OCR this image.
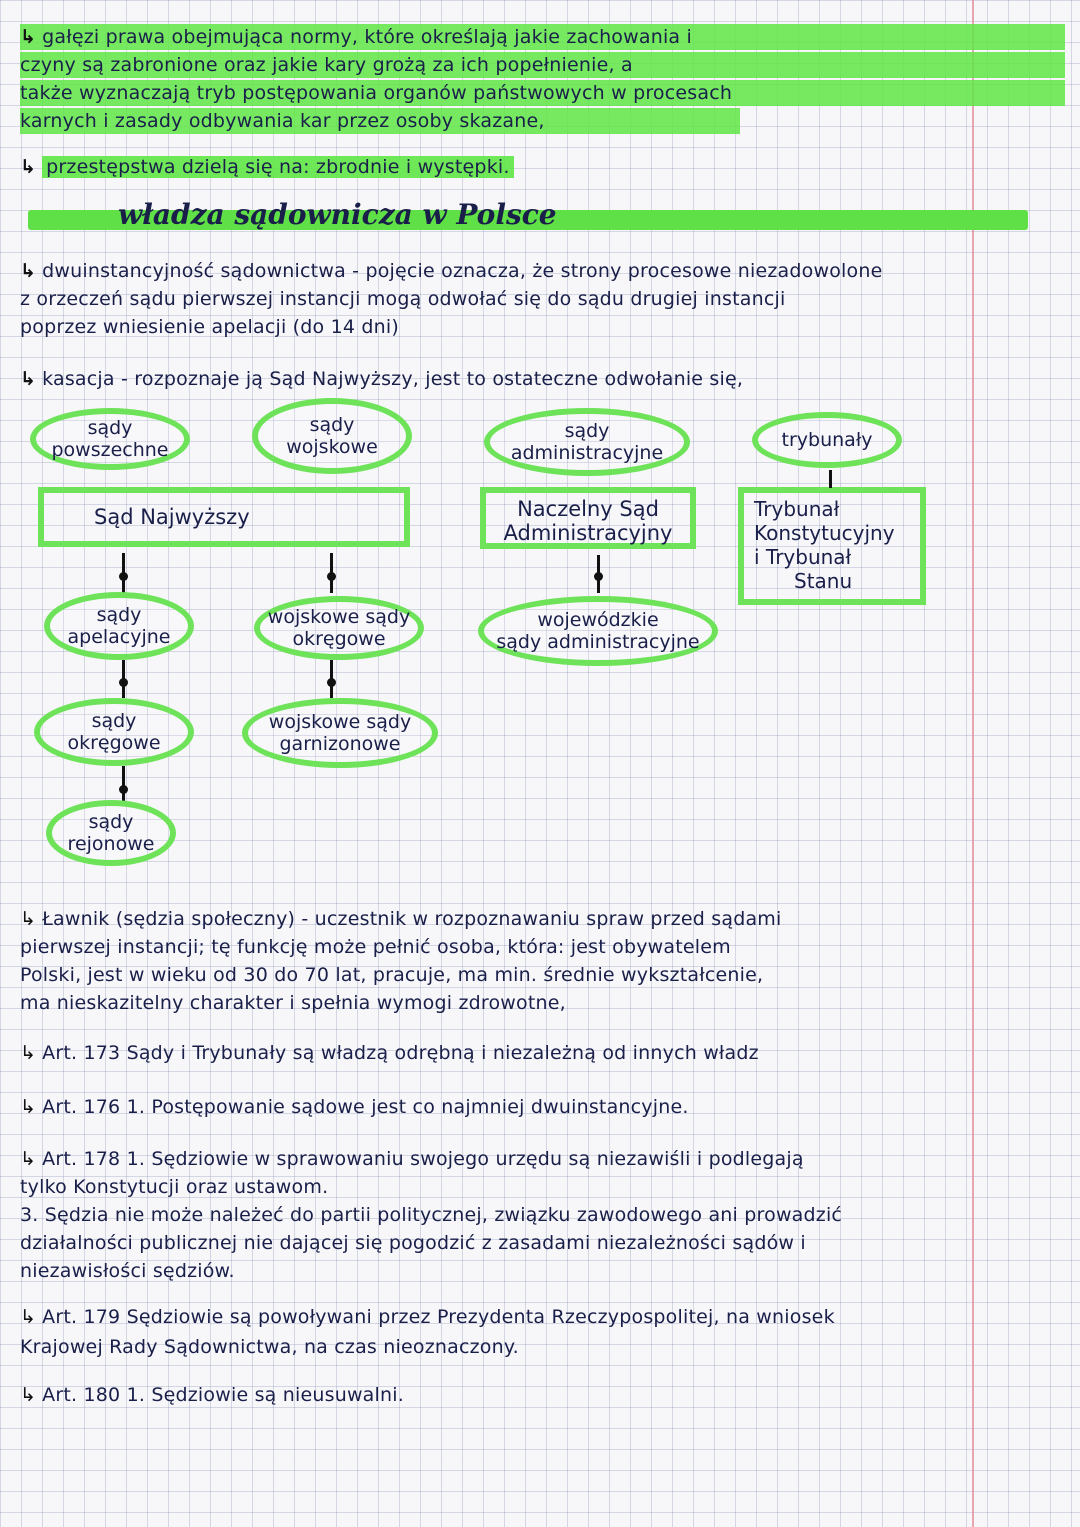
↳ gałęzi prawa obejmująca normy, które określają jakie zachowania i
czyny są zabronione oraz jakie kary grożą za ich popełnienie, a
także wyznaczają tryb postępowania organów państwowych w procesach
karnych i zasady odbywania kar przez osoby skazane,
↳ przestępstwa dzielą się na: zbrodnie i występki.
władza sądownicza w Polsce
↳ dwuinstancyjność sądownictwa - pojęcie oznacza, że strony procesowe niezadowolone
z orzeczeń sądu pierwszej instancji mogą odwołać się do sądu drugiej instancji
poprzez wniesienie apelacji (do 14 dni)
↳ kasacja - rozpoznaje ją Sąd Najwyższy, jest to ostateczne odwołanie się,
sądy
powszechne
sądy
wojskowe
sądy
administracyjne
trybunały
Sąd Najwyższy	Naczelny Sąd
Administracyjny
Trybunał
Konstytucyjny
i Trybunał
Stanu
sądy
apelacyjne
wojskowe sądy
okręgowe
wojewódzkie
sądy administracyjne
sądy
okręgowe
wojskowe sądy
garnizonowe
sądy
rejonowe
↳ Ławnik (sędzia społeczny) - uczestnik w rozpoznawaniu spraw przed sądami
pierwszej instancji; tę funkcję może pełnić osoba, która: jest obywatelem
Polski, jest w wieku od 30 do 70 lat, pracuje, ma min. średnie wykształcenie,
ma nieskazitelny charakter i spełnia wymogi zdrowotne,
↳ Art. 173 Sądy i Trybunały są władzą odrębną i niezależną od innych władz
↳ Art. 176 1. Postępowanie sądowe jest co najmniej dwuinstancyjne.
↳ Art. 178 1. Sędziowie w sprawowaniu swojego urzędu są niezawiśli i podlegają
tylko Konstytucji oraz ustawom.
3. Sędzia nie może należeć do partii politycznej, związku zawodowego ani prowadzić
działalności publicznej nie dającej się pogodzić z zasadami niezależności sądów i
niezawisłości sędziów.
↳ Art. 179 Sędziowie są powoływani przez Prezydenta Rzeczypospolitej, na wniosek
Krajowej Rady Sądownictwa, na czas nieoznaczony.
↳ Art. 180 1. Sędziowie są nieusuwalni.
